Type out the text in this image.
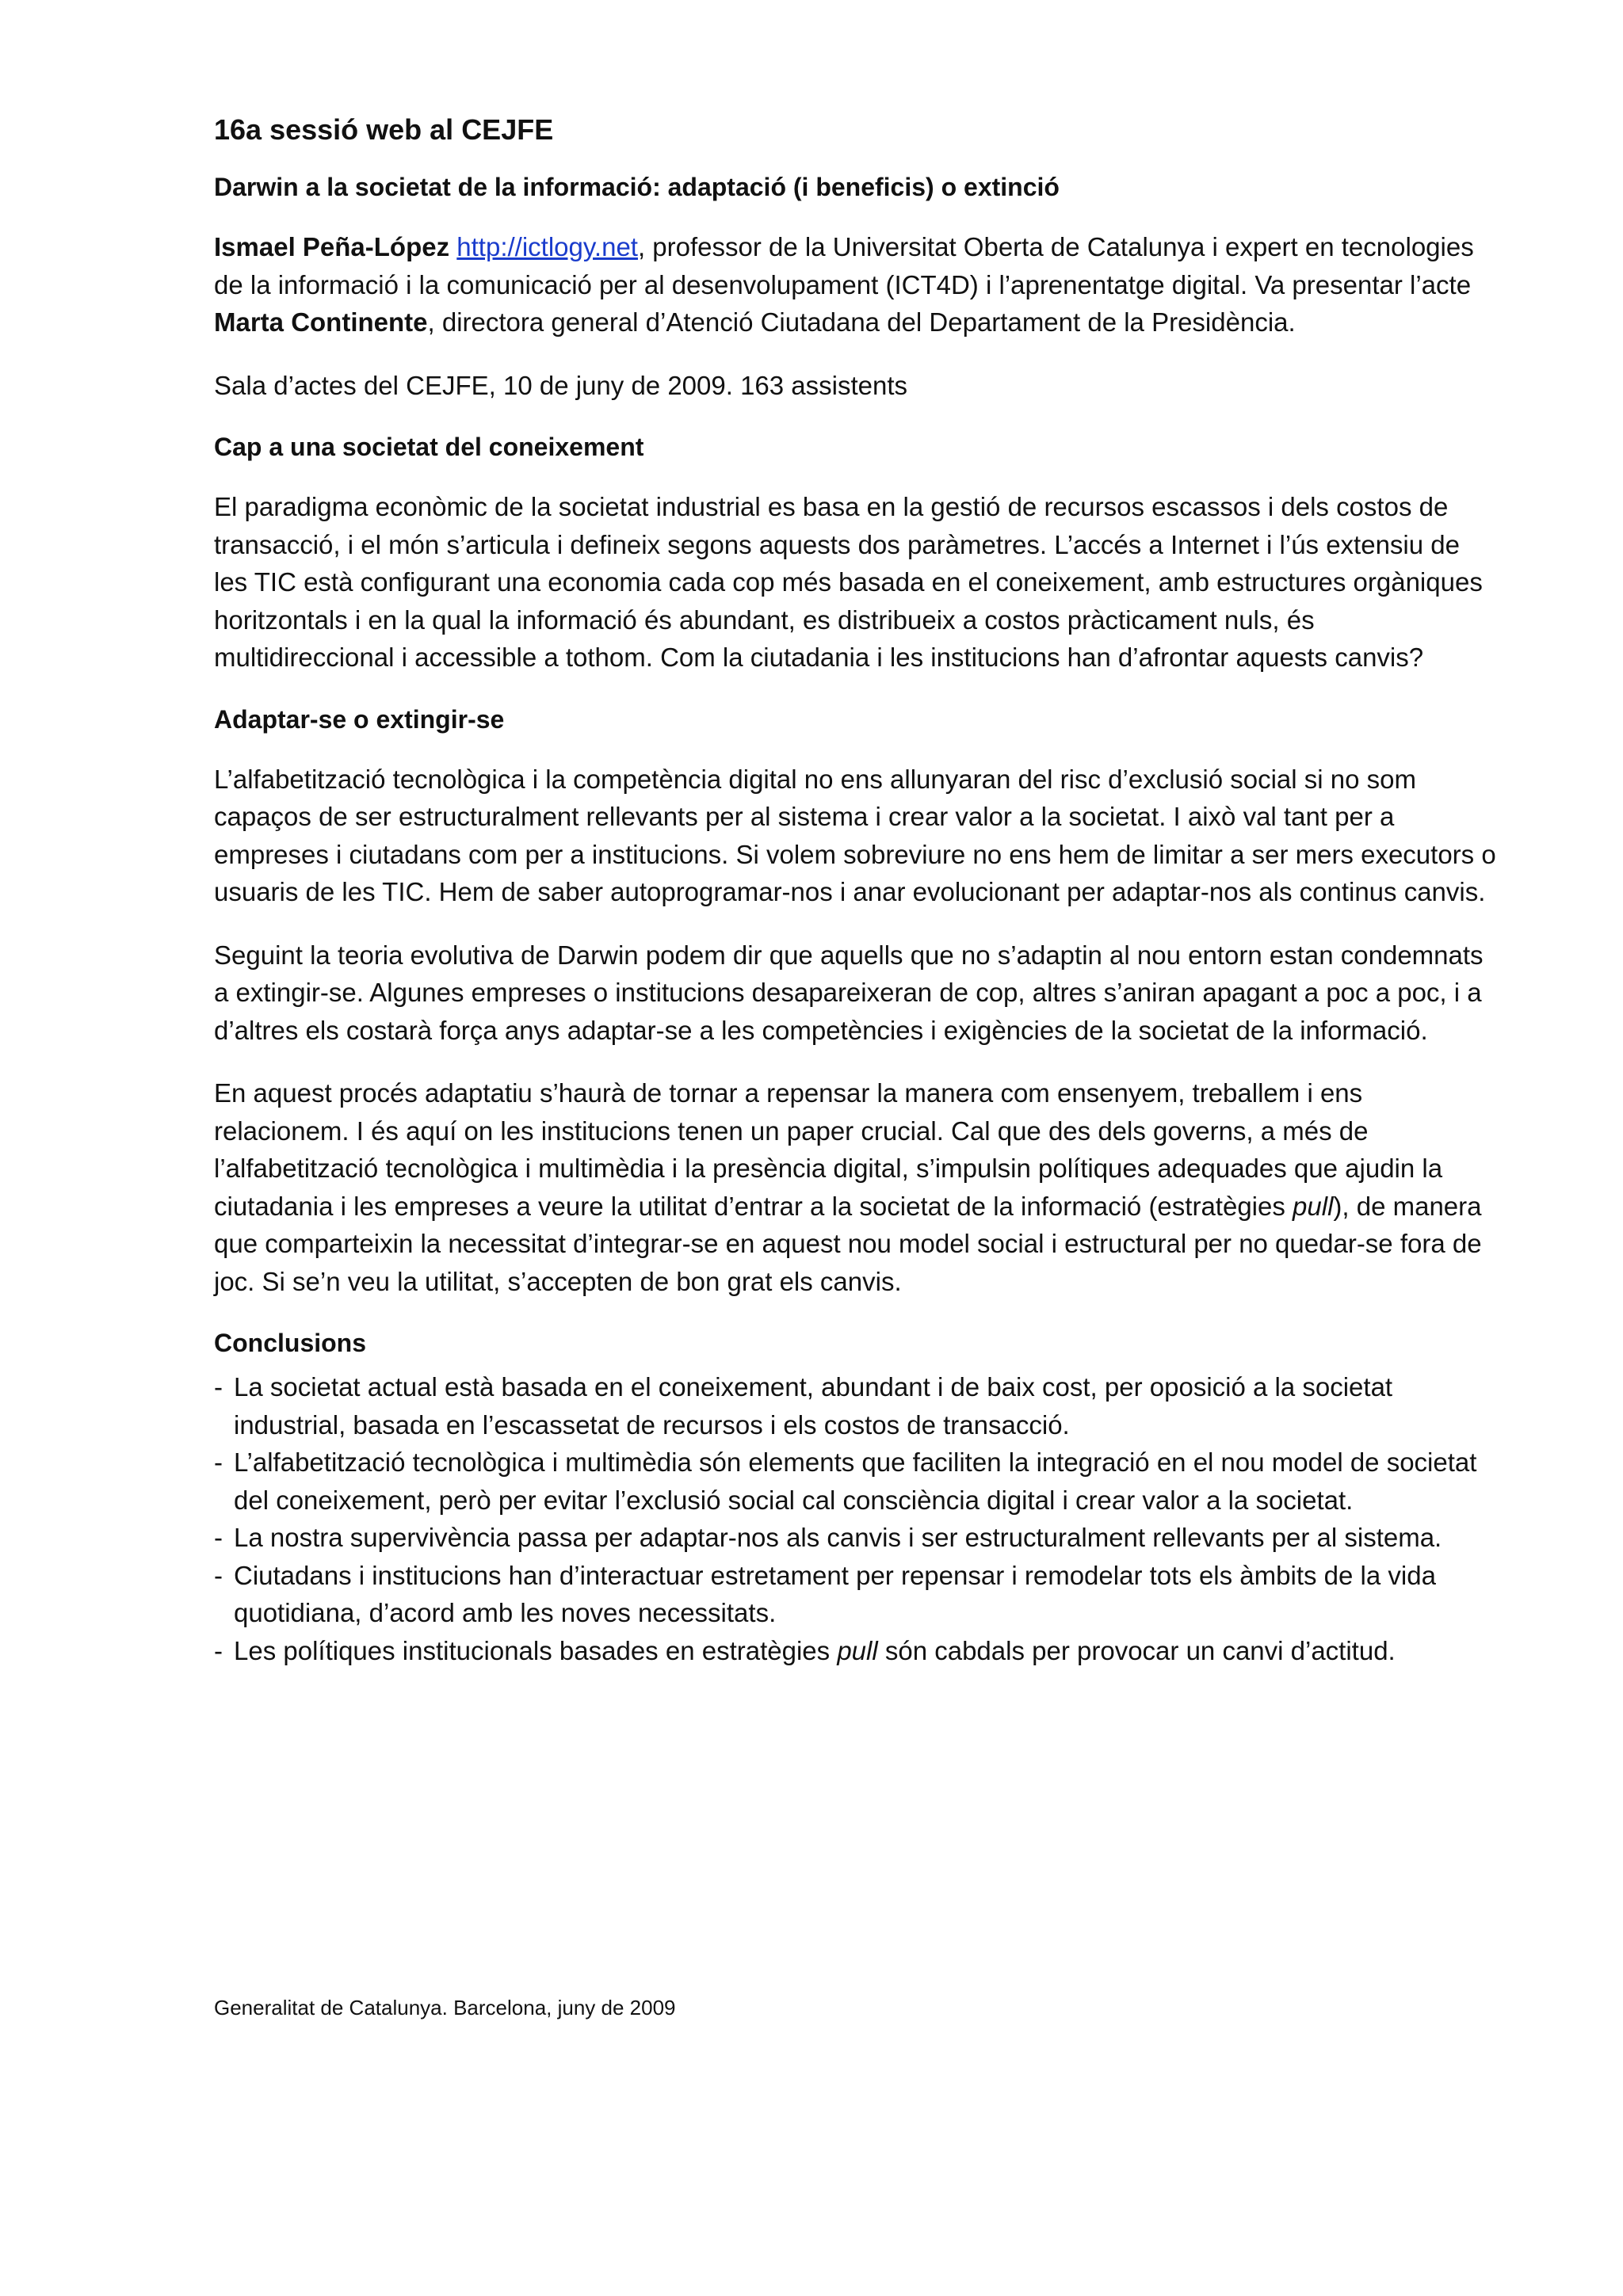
16a sessió web al CEJFE
Darwin a la societat de la informació: adaptació (i beneficis) o extinció

Ismael Peña-López http://ictlogy.net, professor de la Universitat Oberta de Catalunya i expert en tecnologies de la informació i la comunicació per al desenvolupament (ICT4D) i l’aprenentatge digital. Va presentar l’acte Marta Continente, directora general d’Atenció Ciutadana del Departament de la Presidència.

Sala d’actes del CEJFE, 10 de juny de 2009. 163 assistents

Cap a una societat del coneixement

El paradigma econòmic de la societat industrial es basa en la gestió de recursos escassos i dels costos de transacció, i el món s’articula i defineix segons aquests dos paràmetres. L’accés a Internet i l’ús extensiu de les TIC està configurant una economia cada cop més basada en el coneixement, amb estructures orgàniques horitzontals i en la qual la informació és abundant, es distribueix a costos pràcticament nuls, és multidireccional i accessible a tothom. Com la ciutadania i les institucions han d’afrontar aquests canvis?

Adaptar-se o extingir-se

L’alfabetització tecnològica i la competència digital no ens allunyaran del risc d’exclusió social si no som capaços de ser estructuralment rellevants per al sistema i crear valor a la societat. I això val tant per a empreses i ciutadans com per a institucions. Si volem sobreviure no ens hem de limitar a ser mers executors o usuaris de les TIC. Hem de saber autoprogramar-nos i anar evolucionant per adaptar-nos als continus canvis.

Seguint la teoria evolutiva de Darwin podem dir que aquells que no s’adaptin al nou entorn estan condemnats a extingir-se. Algunes empreses o institucions desapareixeran de cop, altres s’aniran apagant a poc a poc, i a d’altres els costarà força anys adaptar-se a les competències i exigències de la societat de la informació.

En aquest procés adaptatiu s’haurà de tornar a repensar la manera com ensenyem, treballem i ens relacionem. I és aquí on les institucions tenen un paper crucial. Cal que des dels governs, a més de l’alfabetització tecnològica i multimèdia i la presència digital, s’impulsin polítiques adequades que ajudin la ciutadania i les empreses a veure la utilitat d’entrar a la societat de la informació (estratègies pull), de manera que comparteixin la necessitat d’integrar-se en aquest nou model social i estructural per no quedar-se fora de joc. Si se’n veu la utilitat, s’accepten de bon grat els canvis.

Conclusions
- La societat actual està basada en el coneixement, abundant i de baix cost, per oposició a la societat industrial, basada en l’escassetat de recursos i els costos de transacció.
- L’alfabetització tecnològica i multimèdia són elements que faciliten la integració en el nou model de societat del coneixement, però per evitar l’exclusió social cal consciència digital i crear valor a la societat.
- La nostra supervivència passa per adaptar-nos als canvis i ser estructuralment rellevants per al sistema.
- Ciutadans i institucions han d’interactuar estretament per repensar i remodelar tots els àmbits de la vida quotidiana, d’acord amb les noves necessitats.
- Les polítiques institucionals basades en estratègies pull són cabdals per provocar un canvi d’actitud.
Generalitat de Catalunya. Barcelona, juny de 2009
